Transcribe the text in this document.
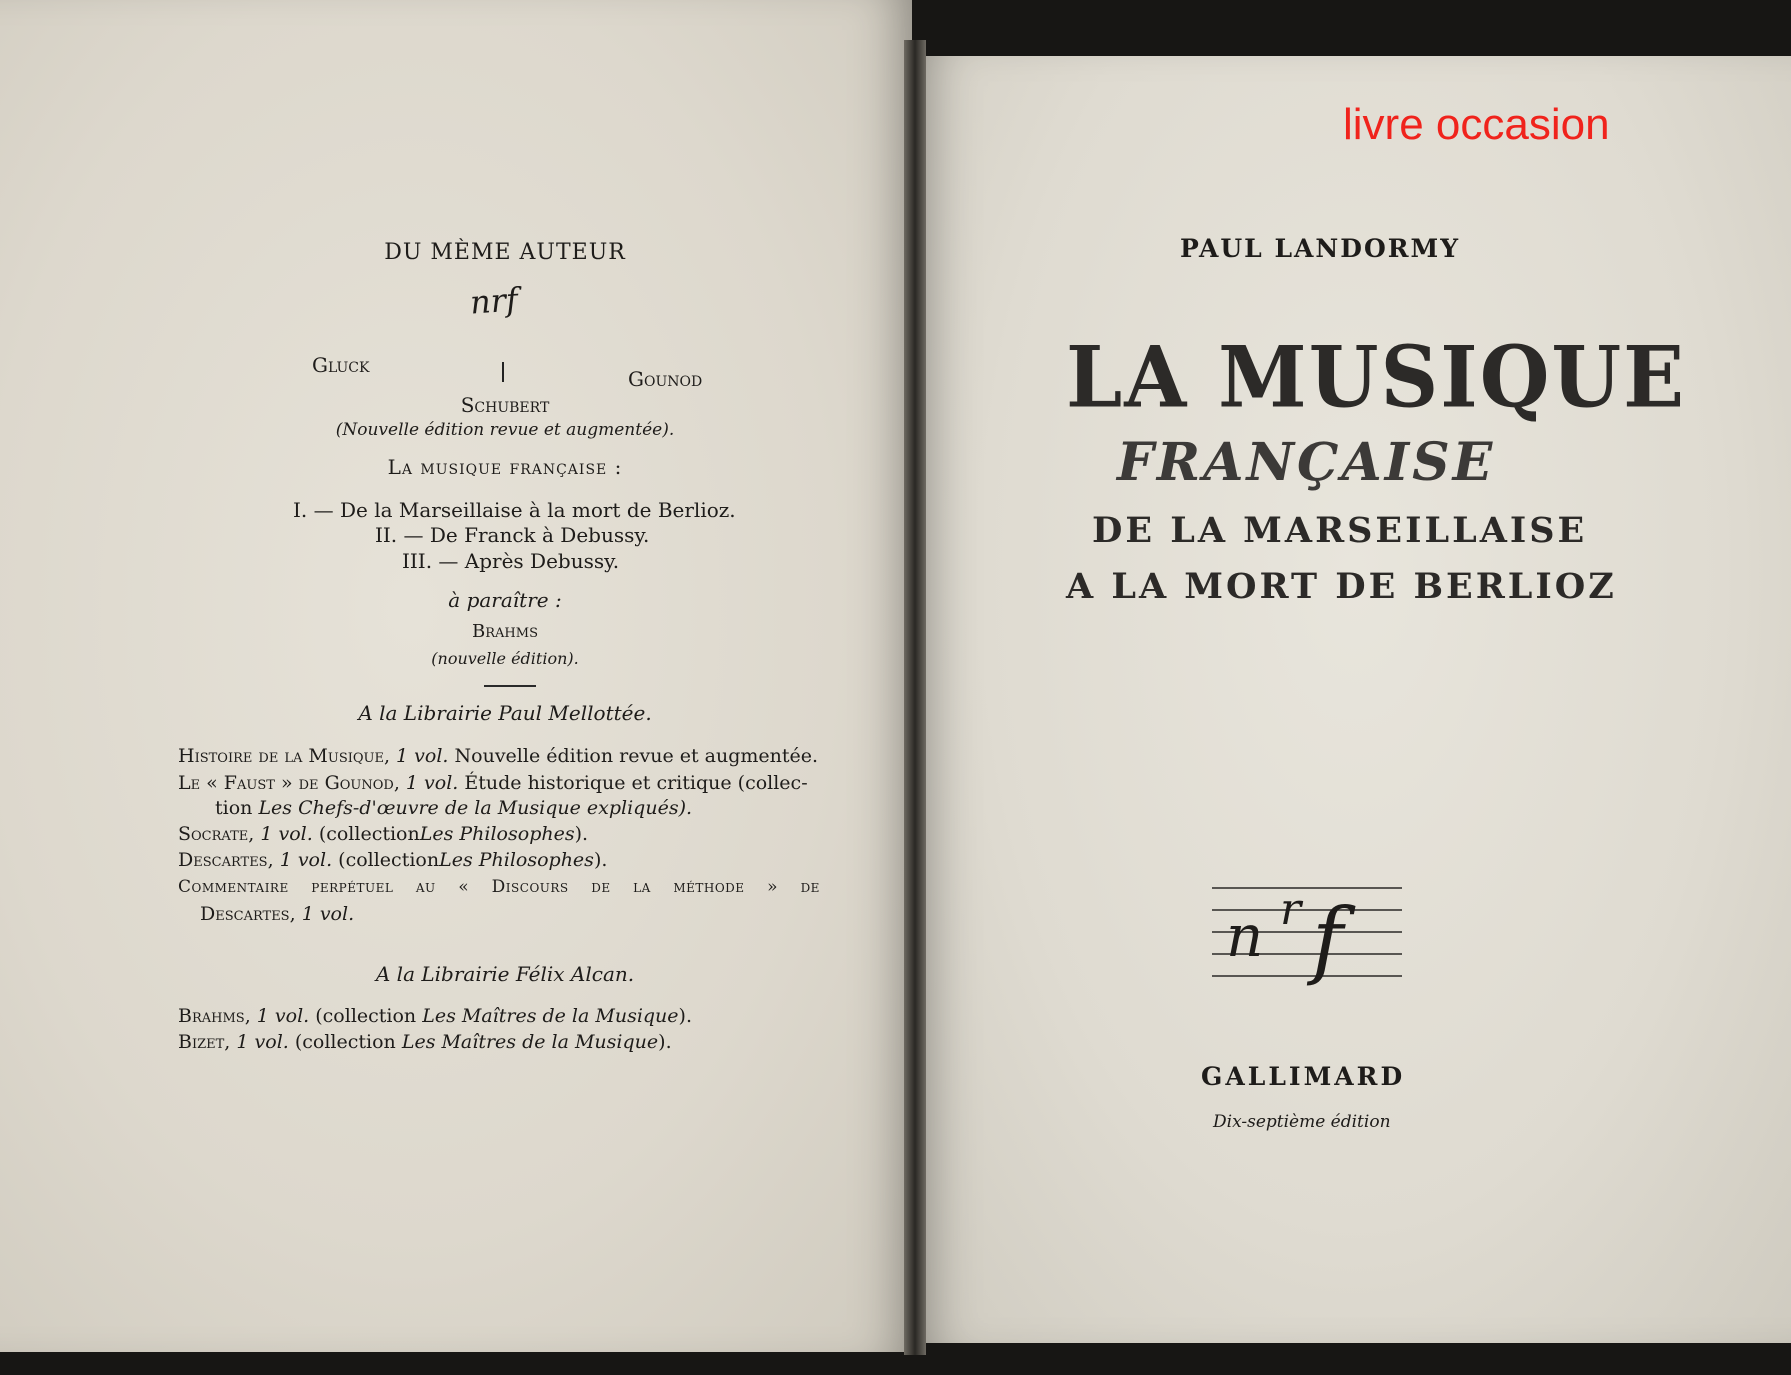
DU MÈME AUTEUR
nrf
Gluck
Gounod
Schubert
(Nouvelle édition revue et augmentée).
La musique française :
I. — De la Marseillaise à la mort de Berlioz.
II. — De Franck à Debussy.
III. — Après Debussy.
à paraître :
Brahms
(nouvelle édition).
A la Librairie Paul Mellottée.
Histoire de la Musique, 1 vol. Nouvelle édition revue et augmentée.
Le « Faust » de Gounod, 1 vol. Étude historique et critique (collec-
tion Les Chefs-d'œuvre de la Musique expliqués).
Socrate, 1 vol. (collectionLes Philosophes).
Descartes, 1 vol. (collectionLes Philosophes).
Commentaire perpétuel au « Discours de la méthode » de
Descartes, 1 vol.
A la Librairie Félix Alcan.
Brahms, 1 vol. (collection Les Maîtres de la Musique).
Bizet, 1 vol. (collection Les Maîtres de la Musique).
livre occasion
PAUL LANDORMY
LA MUSIQUE
FRANÇAISE
DE LA MARSEILLAISE
A LA MORT DE BERLIOZ
n r f
GALLIMARD
Dix-septième édition
